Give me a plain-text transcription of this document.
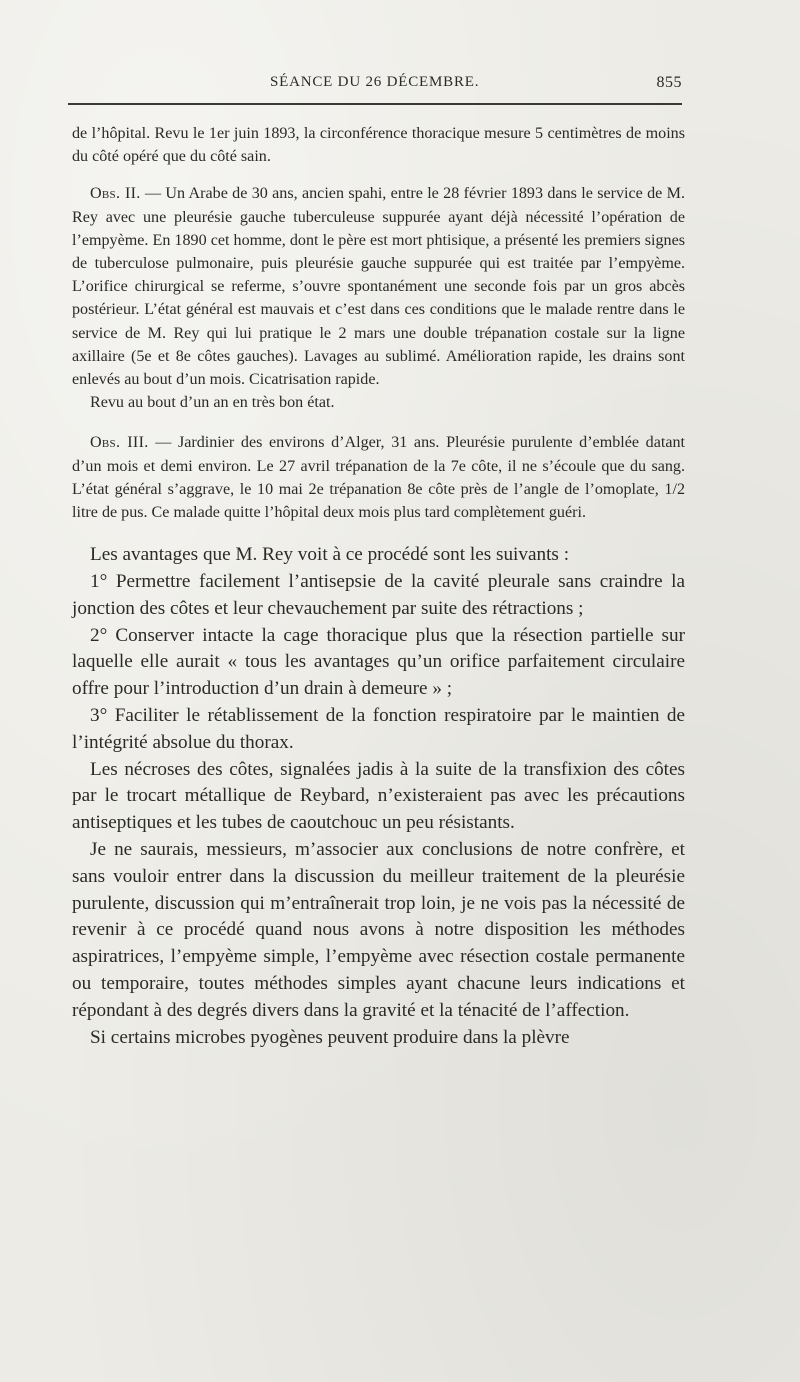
SÉANCE DU 26 DÉCEMBRE.	855

de l’hôpital. Revu le 1er juin 1893, la circonférence thoracique mesure 5 centimètres de moins du côté opéré que du côté sain.

Obs. II. — Un Arabe de 30 ans, ancien spahi, entre le 28 février 1893 dans le service de M. Rey avec une pleurésie gauche tuberculeuse suppurée ayant déjà nécessité l’opération de l’empyème. En 1890 cet homme, dont le père est mort phtisique, a présenté les premiers signes de tuberculose pulmonaire, puis pleurésie gauche suppurée qui est traitée par l’empyème. L’orifice chirurgical se referme, s’ouvre spontanément une seconde fois par un gros abcès postérieur. L’état général est mauvais et c’est dans ces conditions que le malade rentre dans le service de M. Rey qui lui pratique le 2 mars une double trépanation costale sur la ligne axillaire (5e et 8e côtes gauches). Lavages au sublimé. Amélioration rapide, les drains sont enlevés au bout d’un mois. Cicatrisation rapide.

Revu au bout d’un an en très bon état.

Obs. III. — Jardinier des environs d’Alger, 31 ans. Pleurésie purulente d’emblée datant d’un mois et demi environ. Le 27 avril trépanation de la 7e côte, il ne s’écoule que du sang. L’état général s’aggrave, le 10 mai 2e trépanation 8e côte près de l’angle de l’omoplate, 1/2 litre de pus. Ce malade quitte l’hôpital deux mois plus tard complètement guéri.

Les avantages que M. Rey voit à ce procédé sont les suivants :

1° Permettre facilement l’antisepsie de la cavité pleurale sans craindre la jonction des côtes et leur chevauchement par suite des rétractions ;

2° Conserver intacte la cage thoracique plus que la résection partielle sur laquelle elle aurait « tous les avantages qu’un orifice parfaitement circulaire offre pour l’introduction d’un drain à demeure » ;

3° Faciliter le rétablissement de la fonction respiratoire par le maintien de l’intégrité absolue du thorax.

Les nécroses des côtes, signalées jadis à la suite de la transfixion des côtes par le trocart métallique de Reybard, n’existeraient pas avec les précautions antiseptiques et les tubes de caoutchouc un peu résistants.

Je ne saurais, messieurs, m’associer aux conclusions de notre confrère, et sans vouloir entrer dans la discussion du meilleur traitement de la pleurésie purulente, discussion qui m’entraînerait trop loin, je ne vois pas la nécessité de revenir à ce procédé quand nous avons à notre disposition les méthodes aspiratrices, l’empyème simple, l’empyème avec résection costale permanente ou temporaire, toutes méthodes simples ayant chacune leurs indications et répondant à des degrés divers dans la gravité et la ténacité de l’affection.

Si certains microbes pyogènes peuvent produire dans la plèvre
